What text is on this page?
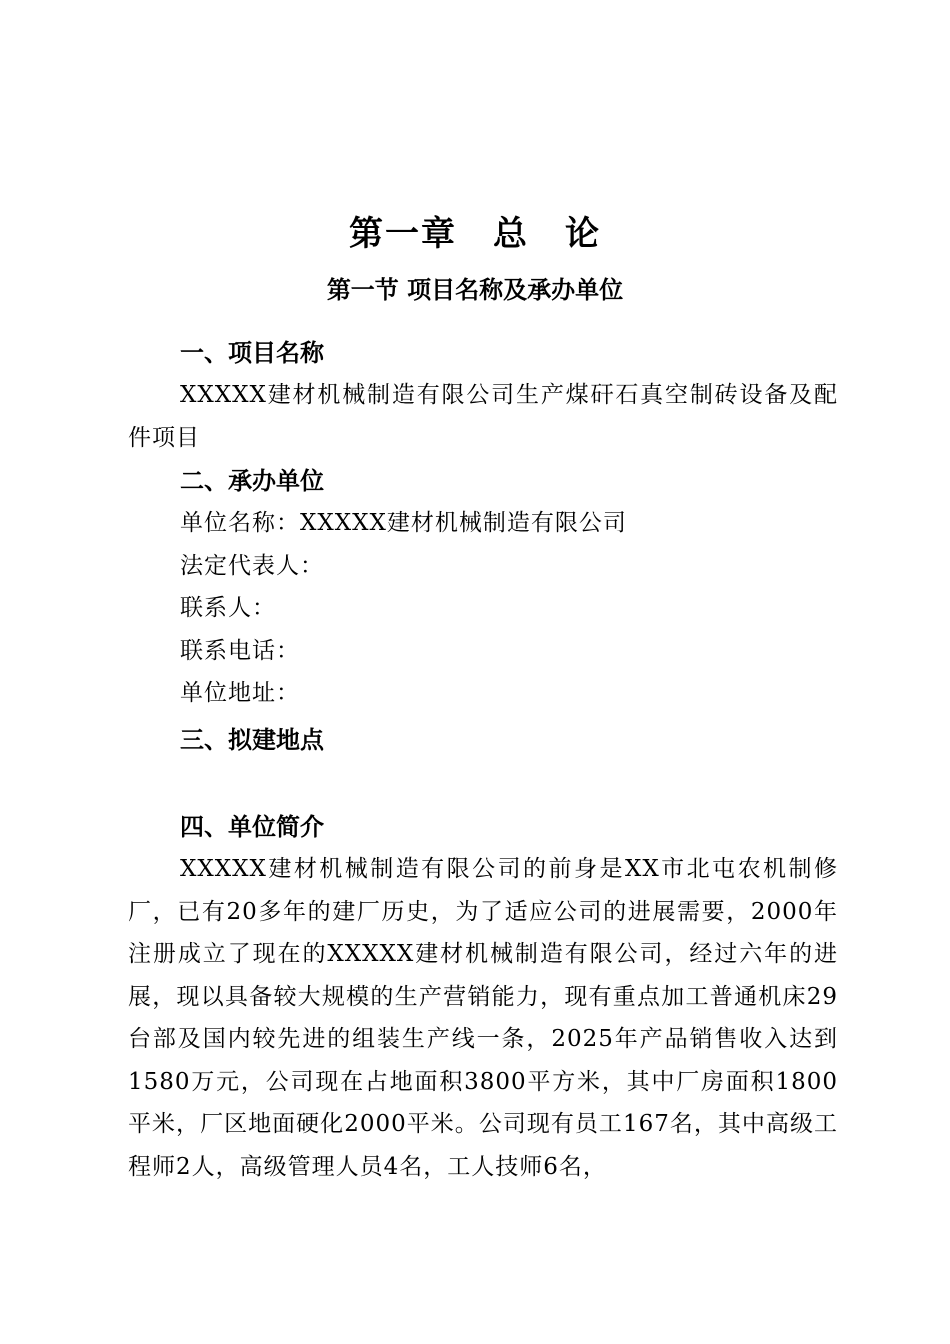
第一章　总　论
第一节 项目名称及承办单位
一、项目名称
XXXXX建材机械制造有限公司生产煤矸石真空制砖设备及配件项目
二、承办单位
单位名称：XXXXX建材机械制造有限公司
法定代表人：
联系人：
联系电话：
单位地址：
三、拟建地点
四、单位简介
XXXXX建材机械制造有限公司的前身是XX市北屯农机制修厂，已有20多年的建厂历史，为了适应公司的进展需要，2000年注册成立了现在的XXXXX建材机械制造有限公司，经过六年的进展，现以具备较大规模的生产营销能力，现有重点加工普通机床29台部及国内较先进的组装生产线一条，2025年产品销售收入达到1580万元，公司现在占地面积3800平方米，其中厂房面积1800平米，厂区地面硬化2000平米。公司现有员工167名，其中高级工程师2人，高级管理人员4名，工人技师6名，
